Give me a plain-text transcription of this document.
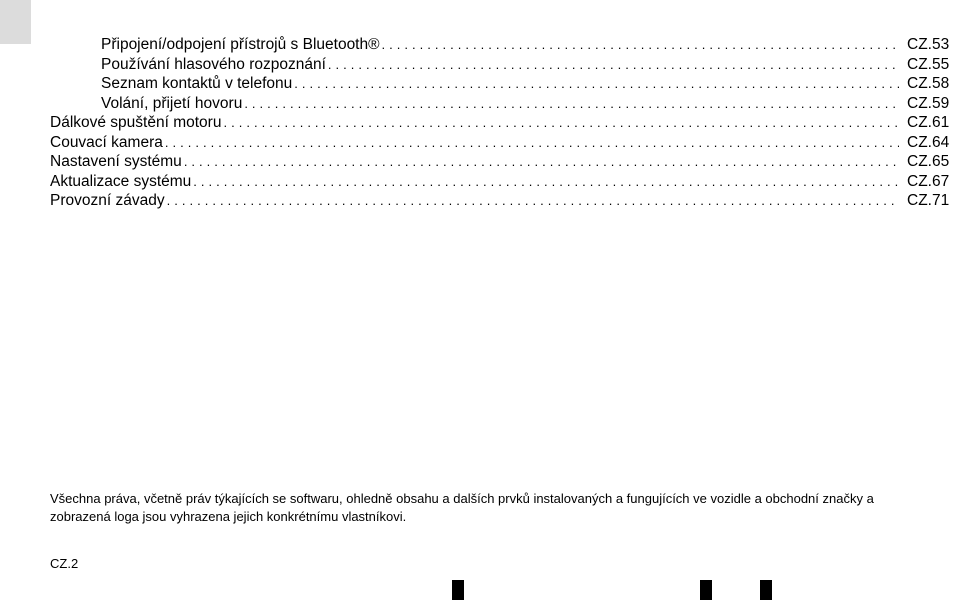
Připojení/odpojení přístrojů s Bluetooth® . . .	CZ.53
Používání hlasového rozpoznání . . .	CZ.55
Seznam kontaktů v telefonu . . .	CZ.58
Volání, přijetí hovoru . . .	CZ.59
Dálkové spuštění motoru . . .	CZ.61
Couvací kamera . . .	CZ.64
Nastavení systému . . .	CZ.65
Aktualizace systému . . .	CZ.67
Provozní závady . . .	CZ.71

Všechna práva, včetně práv týkajících se softwaru, ohledně obsahu a dalších prvků instalovaných a fungujících ve vozidle a obchodní značky a

zobrazená loga jsou vyhrazena jejich konkrétnímu vlastníkovi.

CZ.2
